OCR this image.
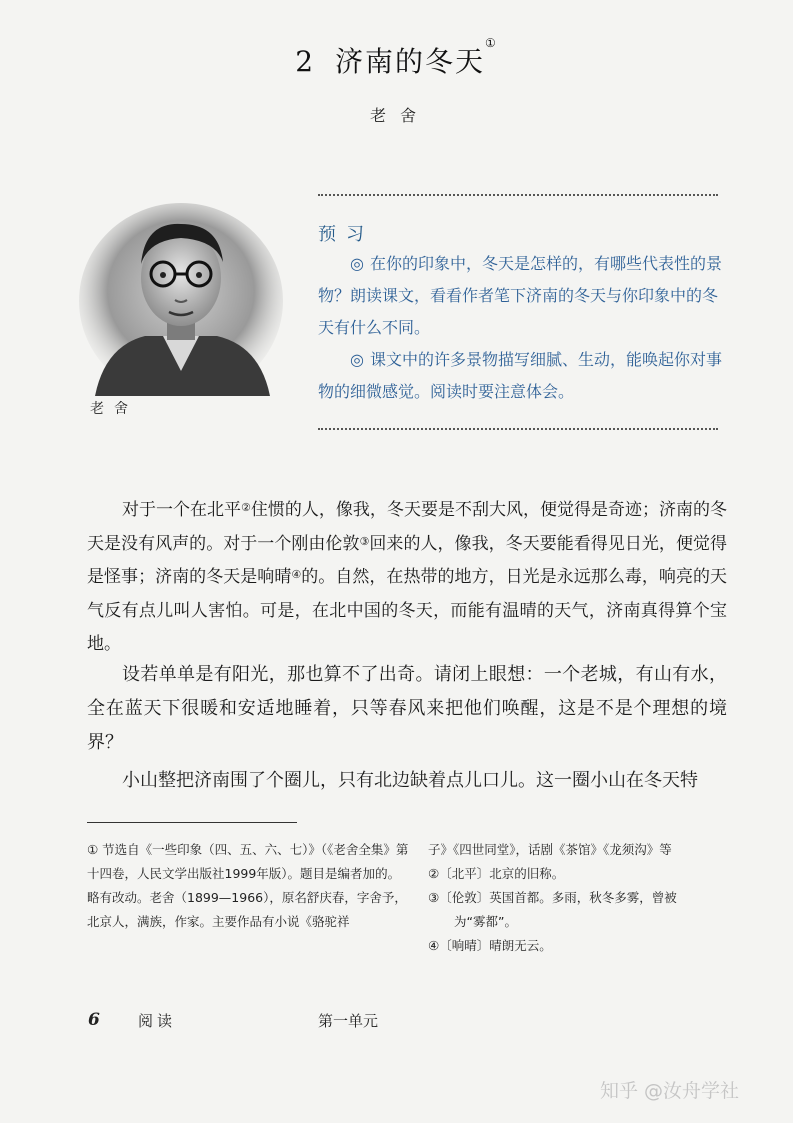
2 济南的冬天①
老舍
老舍
预习

◎ 在你的印象中，冬天是怎样的，有哪些代表性的景物？朗读课文，看看作者笔下济南的冬天与你印象中的冬天有什么不同。

◎ 课文中的许多景物描写细腻、生动，能唤起你对事物的细微感觉。阅读时要注意体会。

对于一个在北平②住惯的人，像我，冬天要是不刮大风，便觉得是奇迹；济南的冬天是没有风声的。对于一个刚由伦敦③回来的人，像我，冬天要能看得见日光，便觉得是怪事；济南的冬天是响晴④的。自然，在热带的地方，日光是永远那么毒，响亮的天气反有点儿叫人害怕。可是，在北中国的冬天，而能有温晴的天气，济南真得算个宝地。

设若单单是有阳光，那也算不了出奇。请闭上眼想：一个老城，有山有水，全在蓝天下很暖和安适地睡着，只等春风来把他们唤醒，这是不是个理想的境界？

小山整把济南围了个圈儿，只有北边缺着点儿口儿。这一圈小山在冬天特

① 节选自《一些印象（四、五、六、七）》（《老舍全集》第十四卷，人民文学出版社1999年版）。题目是编者加的。略有改动。老舍（1899—1966），原名舒庆春，字舍予，北京人，满族，作家。主要作品有小说《骆驼祥

子》《四世同堂》，话剧《茶馆》《龙须沟》等
②〔北平〕北京的旧称。
③〔伦敦〕英国首都。多雨，秋冬多雾，曾被
为“雾都”。
④〔响晴〕晴朗无云。
6	阅读	第一单元
知乎 @汝舟学社
